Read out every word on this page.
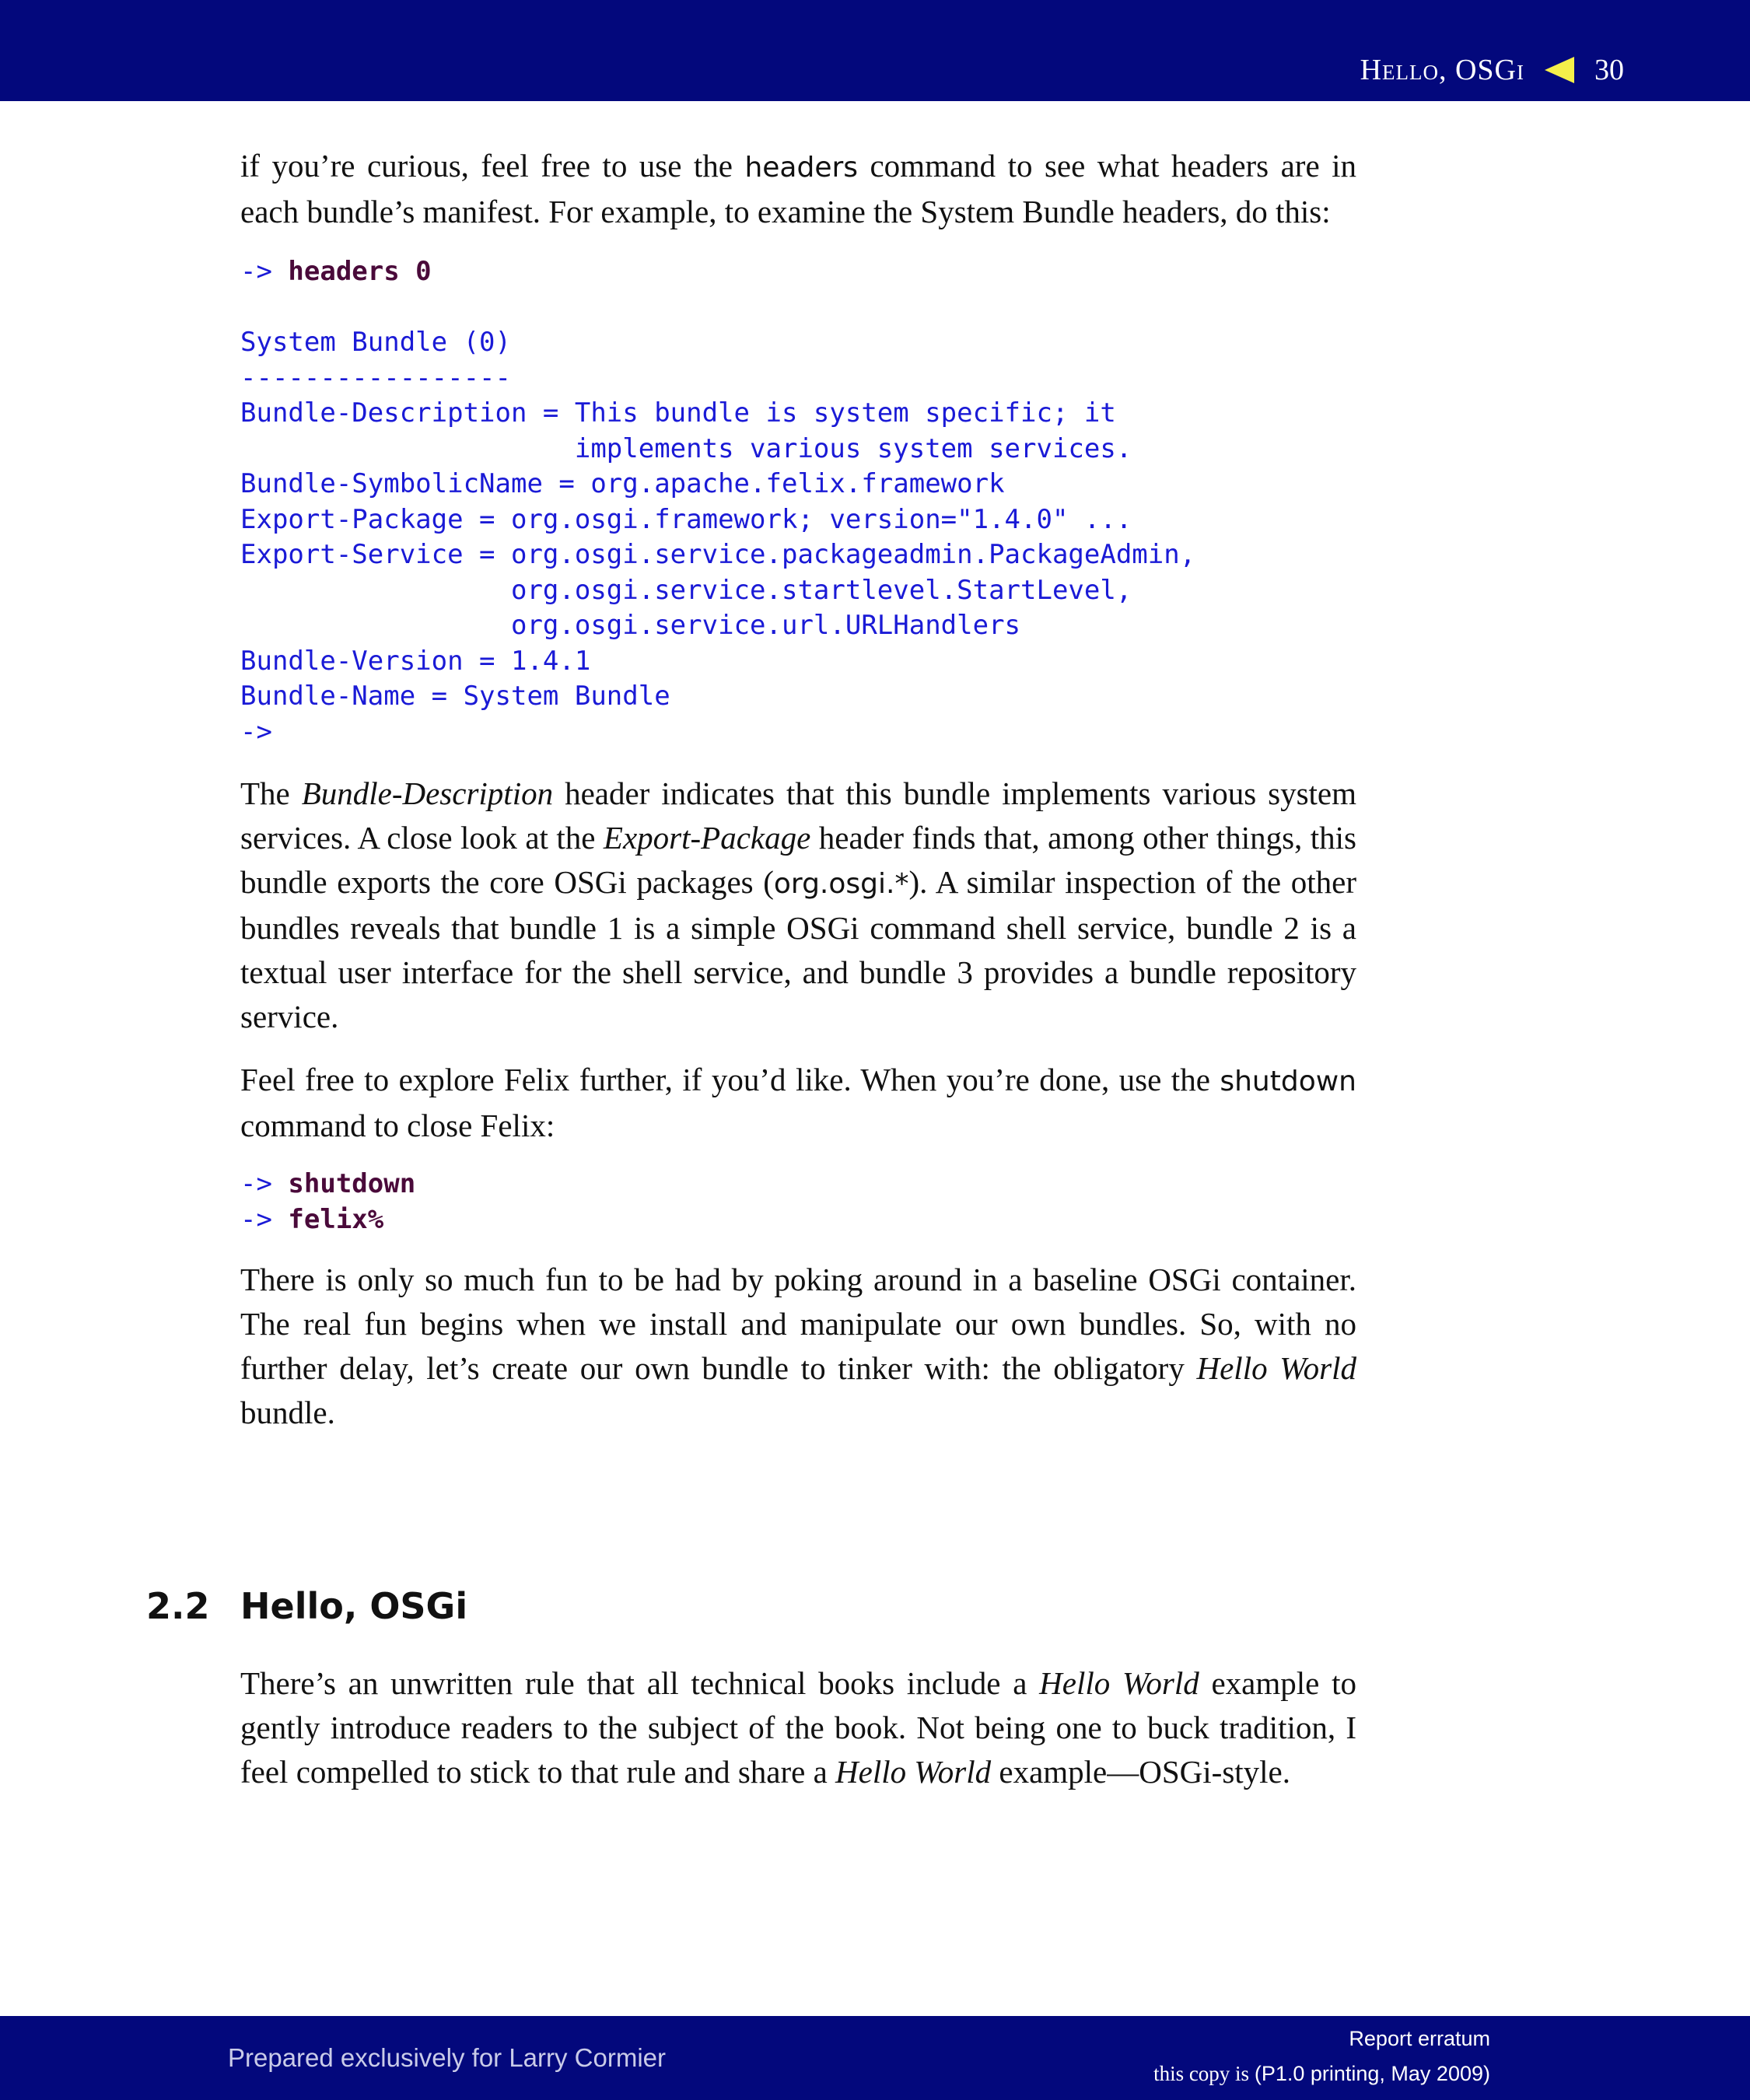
Hello, OSGi 30

if you’re curious, feel free to use the headers command to see what headers are in each bundle’s manifest. For example, to examine the System Bundle headers, do this:

-> headers 0
System Bundle (0)
-----------------
Bundle-Description = This bundle is system specific; it
implements various system services.
Bundle-SymbolicName = org.apache.felix.framework
Export-Package = org.osgi.framework; version="1.4.0" ...
Export-Service = org.osgi.service.packageadmin.PackageAdmin,
org.osgi.service.startlevel.StartLevel,
org.osgi.service.url.URLHandlers
Bundle-Version = 1.4.1
Bundle-Name = System Bundle
->

The Bundle-Description header indicates that this bundle implements various system services. A close look at the Export-Package header finds that, among other things, this bundle exports the core OSGi packages (org.osgi.*). A similar inspection of the other bundles reveals that bundle 1 is a simple OSGi command shell service, bundle 2 is a textual user interface for the shell service, and bundle 3 provides a bundle repository service.

Feel free to explore Felix further, if you’d like. When you’re done, use the shutdown command to close Felix:

-> shutdown
-> felix%

There is only so much fun to be had by poking around in a baseline OSGi container. The real fun begins when we install and manipulate our own bundles. So, with no further delay, let’s create our own bundle to tinker with: the obligatory Hello World bundle.

2.2 Hello, OSGi

There’s an unwritten rule that all technical books include a Hello World example to gently introduce readers to the subject of the book. Not being one to buck tradition, I feel compelled to stick to that rule and share a Hello World example—OSGi-style.

Prepared exclusively for Larry Cormier
Report erratum
this copy is (P1.0 printing, May 2009)
